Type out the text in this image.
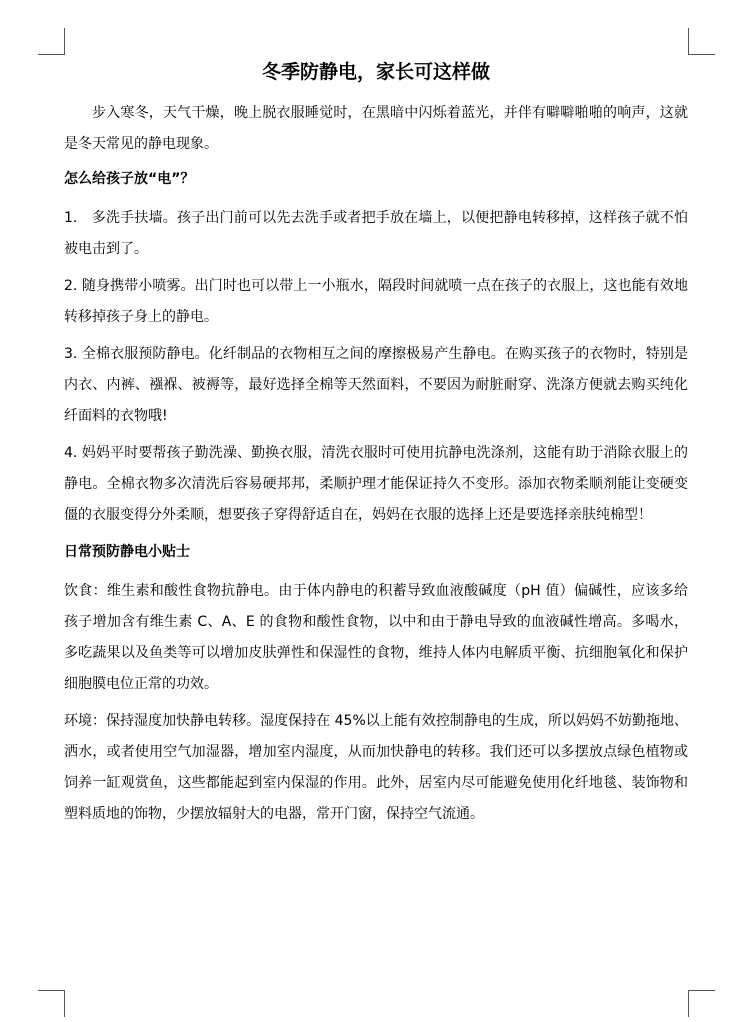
冬季防静电，家长可这样做

步入寒冬，天气干燥，晚上脱衣服睡觉时，在黑暗中闪烁着蓝光，并伴有噼噼啪啪的响声，这就是冬天常见的静电现象。

怎么给孩子放“电”？

1.　多洗手扶墙。孩子出门前可以先去洗手或者把手放在墙上，以便把静电转移掉，这样孩子就不怕被电击到了。

2. 随身携带小喷雾。出门时也可以带上一小瓶水，隔段时间就喷一点在孩子的衣服上，这也能有效地转移掉孩子身上的静电。

3. 全棉衣服预防静电。化纤制品的衣物相互之间的摩擦极易产生静电。在购买孩子的衣物时，特别是内衣、内裤、襁褓、被褥等，最好选择全棉等天然面料，不要因为耐脏耐穿、洗涤方便就去购买纯化纤面料的衣物哦!

4. 妈妈平时要帮孩子勤洗澡、勤换衣服，清洗衣服时可使用抗静电洗涤剂，这能有助于消除衣服上的静电。全棉衣物多次清洗后容易硬邦邦，柔顺护理才能保证持久不变形。添加衣物柔顺剂能让变硬变僵的衣服变得分外柔顺，想要孩子穿得舒适自在，妈妈在衣服的选择上还是要选择亲肤纯棉型！

日常预防静电小贴士

饮食：维生素和酸性食物抗静电。由于体内静电的积蓄导致血液酸碱度（pH 值）偏碱性，应该多给孩子增加含有维生素 C、A、E 的食物和酸性食物，以中和由于静电导致的血液碱性增高。多喝水，多吃蔬果以及鱼类等可以增加皮肤弹性和保湿性的食物，维持人体内电解质平衡、抗细胞氧化和保护细胞膜电位正常的功效。

环境：保持湿度加快静电转移。湿度保持在 45%以上能有效控制静电的生成，所以妈妈不妨勤拖地、洒水，或者使用空气加湿器，增加室内湿度，从而加快静电的转移。我们还可以多摆放点绿色植物或饲养一缸观赏鱼，这些都能起到室内保湿的作用。此外，居室内尽可能避免使用化纤地毯、装饰物和塑料质地的饰物，少摆放辐射大的电器，常开门窗，保持空气流通。
